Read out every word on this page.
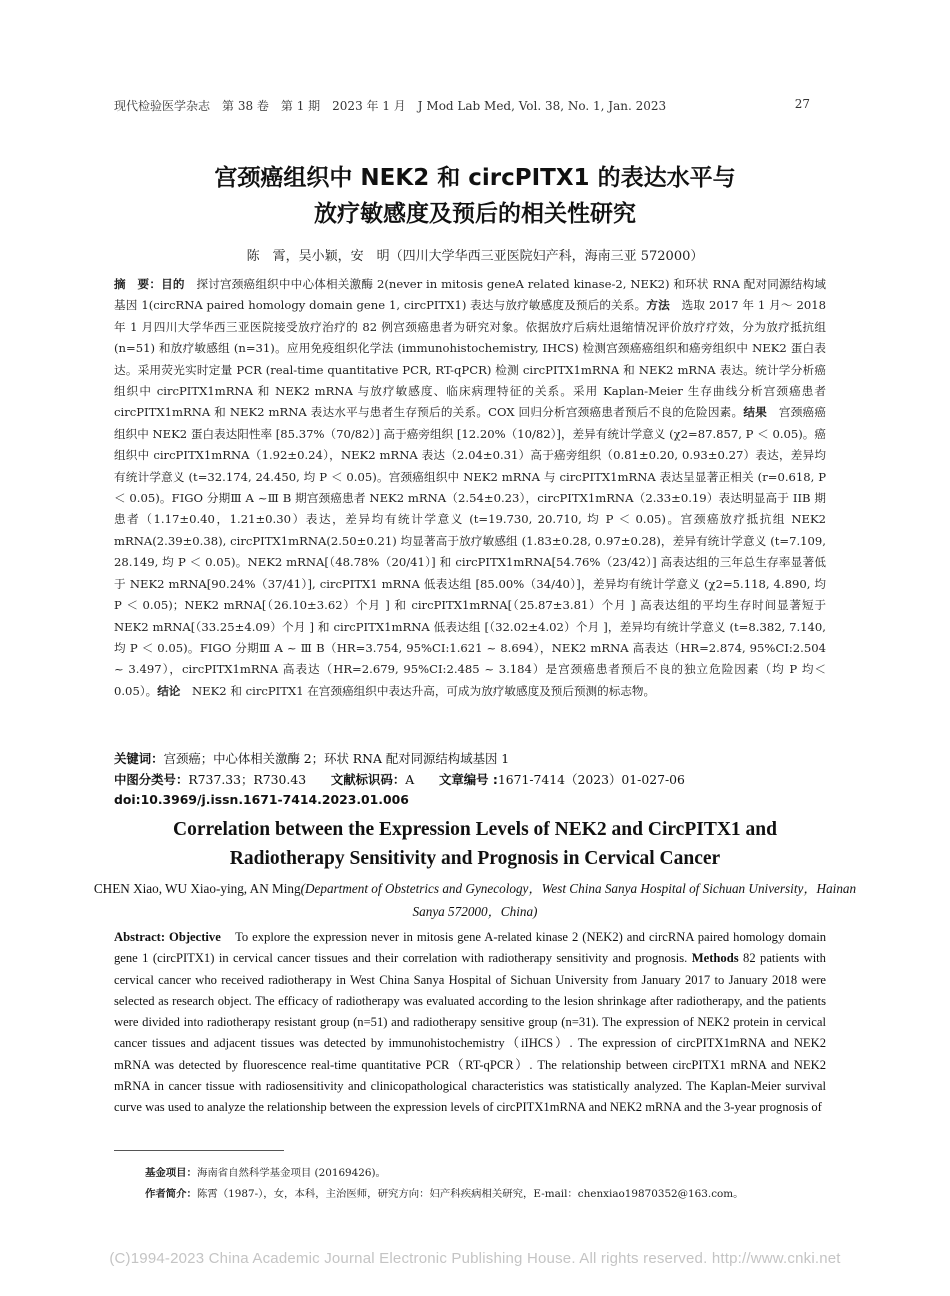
现代检验医学杂志　第 38 卷　第 1 期　2023 年 1 月　J Mod Lab Med, Vol. 38, No. 1, Jan. 2023	27
宫颈癌组织中 NEK2 和 circPITX1 的表达水平与
放疗敏感度及预后的相关性研究
陈　霄，吴小颖，安　明（四川大学华西三亚医院妇产科，海南三亚 572000）
摘　要：目的　 探讨宫颈癌组织中中心体相关激酶 2(never in mitosis geneA related kinase-2, NEK2) 和环状 RNA 配对同源结构域基因 1(circRNA paired homology domain gene 1, circPITX1) 表达与放疗敏感度及预后的关系。方法　 选取 2017 年 1 月～ 2018 年 1 月四川大学华西三亚医院接受放疗治疗的 82 例宫颈癌患者为研究对象。依据放疗后病灶退缩情况评价放疗疗效，分为放疗抵抗组 (n=51) 和放疗敏感组 (n=31)。应用免疫组织化学法 (immunohistochemistry, IHCS) 检测宫颈癌癌组织和癌旁组织中 NEK2 蛋白表达。采用荧光实时定量 PCR (real-time quantitative PCR, RT-qPCR) 检测 circPITX1mRNA 和 NEK2 mRNA 表达。统计学分析癌组织中 circPITX1mRNA 和 NEK2 mRNA 与放疗敏感度、临床病理特征的关系。采用 Kaplan-Meier 生存曲线分析宫颈癌患者 circPITX1mRNA 和 NEK2 mRNA 表达水平与患者生存预后的关系。COX 回归分析宫颈癌患者预后不良的危险因素。结果　 宫颈癌癌组织中 NEK2 蛋白表达阳性率 [85.37%（70/82）] 高于癌旁组织 [12.20%（10/82）]，差异有统计学意义 (χ2=87.857, P ＜ 0.05)。癌组织中 circPITX1mRNA（1.92±0.24），NEK2 mRNA 表达（2.04±0.31）高于癌旁组织（0.81±0.20, 0.93±0.27）表达，差异均有统计学意义 (t=32.174, 24.450, 均 P ＜ 0.05)。宫颈癌组织中 NEK2 mRNA 与 circPITX1mRNA 表达呈显著正相关 (r=0.618, P ＜ 0.05)。FIGO 分期Ⅲ A ~Ⅲ B 期宫颈癌患者 NEK2 mRNA（2.54±0.23），circPITX1mRNA（2.33±0.19）表达明显高于 IIB 期患者（1.17±0.40，1.21±0.30）表达，差异均有统计学意义 (t=19.730, 20.710, 均 P ＜ 0.05)。宫颈癌放疗抵抗组 NEK2 mRNA(2.39±0.38), circPITX1mRNA(2.50±0.21) 均显著高于放疗敏感组 (1.83±0.28, 0.97±0.28)，差异有统计学意义 (t=7.109, 28.149, 均 P ＜ 0.05)。NEK2 mRNA[（48.78%（20/41）] 和 circPITX1mRNA[54.76%（23/42）] 高表达组的三年总生存率显著低于 NEK2 mRNA[90.24%（37/41）], circPITX1 mRNA 低表达组 [85.00%（34/40）]，差异均有统计学意义 (χ2=5.118, 4.890, 均 P ＜ 0.05)；NEK2 mRNA[（26.10±3.62）个月 ] 和 circPITX1mRNA[（25.87±3.81）个月 ] 高表达组的平均生存时间显著短于 NEK2 mRNA[（33.25±4.09）个月 ] 和 circPITX1mRNA 低表达组 [（32.02±4.02）个月 ]，差异均有统计学意义 (t=8.382, 7.140, 均 P ＜ 0.05)。FIGO 分期Ⅲ A ~ Ⅲ B（HR=3.754, 95%CI:1.621 ~ 8.694），NEK2 mRNA 高表达（HR=2.874, 95%CI:2.504 ~ 3.497），circPITX1mRNA 高表达（HR=2.679, 95%CI:2.485 ~ 3.184）是宫颈癌患者预后不良的独立危险因素（均 P 均＜ 0.05）。结论　 NEK2 和 circPITX1 在宫颈癌组织中表达升高，可成为放疗敏感度及预后预测的标志物。
关键词：宫颈癌；中心体相关激酶 2；环状 RNA 配对同源结构域基因 1
中图分类号：R737.33；R730.43　　 文献标识码：A　　 文章编号 :1671-7414（2023）01-027-06
doi:10.3969/j.issn.1671-7414.2023.01.006
Correlation between the Expression Levels of NEK2 and CircPITX1 and
Radiotherapy Sensitivity and Prognosis in Cervical Cancer
CHEN Xiao, WU Xiao-ying, AN Ming(Department of Obstetrics and Gynecology，West China Sanya Hospital of Sichuan University，Hainan Sanya 572000，China)
Abstract: Objective　 To explore the expression never in mitosis gene A-related kinase 2 (NEK2) and circRNA paired homology domain gene 1 (circPITX1) in cervical cancer tissues and their correlation with radiotherapy sensitivity and prognosis. Methods 82 patients with cervical cancer who received radiotherapy in West China Sanya Hospital of Sichuan University from January 2017 to January 2018 were selected as research object. The efficacy of radiotherapy was evaluated according to the lesion shrinkage after radiotherapy, and the patients were divided into radiotherapy resistant group (n=51) and radiotherapy sensitive group (n=31). The expression of NEK2 protein in cervical cancer tissues and adjacent tissues was detected by immunohistochemistry（iIHCS）. The expression of circPITX1mRNA and NEK2 mRNA was detected by fluorescence real-time quantitative PCR（RT-qPCR）. The relationship between circPITX1 mRNA and NEK2 mRNA in cancer tissue with radiosensitivity and clinicopathological characteristics was statistically analyzed. The Kaplan-Meier survival curve was used to analyze the relationship between the expression levels of circPITX1mRNA and NEK2 mRNA and the 3-year prognosis of
基金项目：海南省自然科学基金项目 (20169426)。
作者简介：陈霄（1987-），女，本科，主治医师，研究方向：妇产科疾病相关研究，E-mail：chenxiao19870352@163.com。
(C)1994-2023 China Academic Journal Electronic Publishing House. All rights reserved. http://www.cnki.net
